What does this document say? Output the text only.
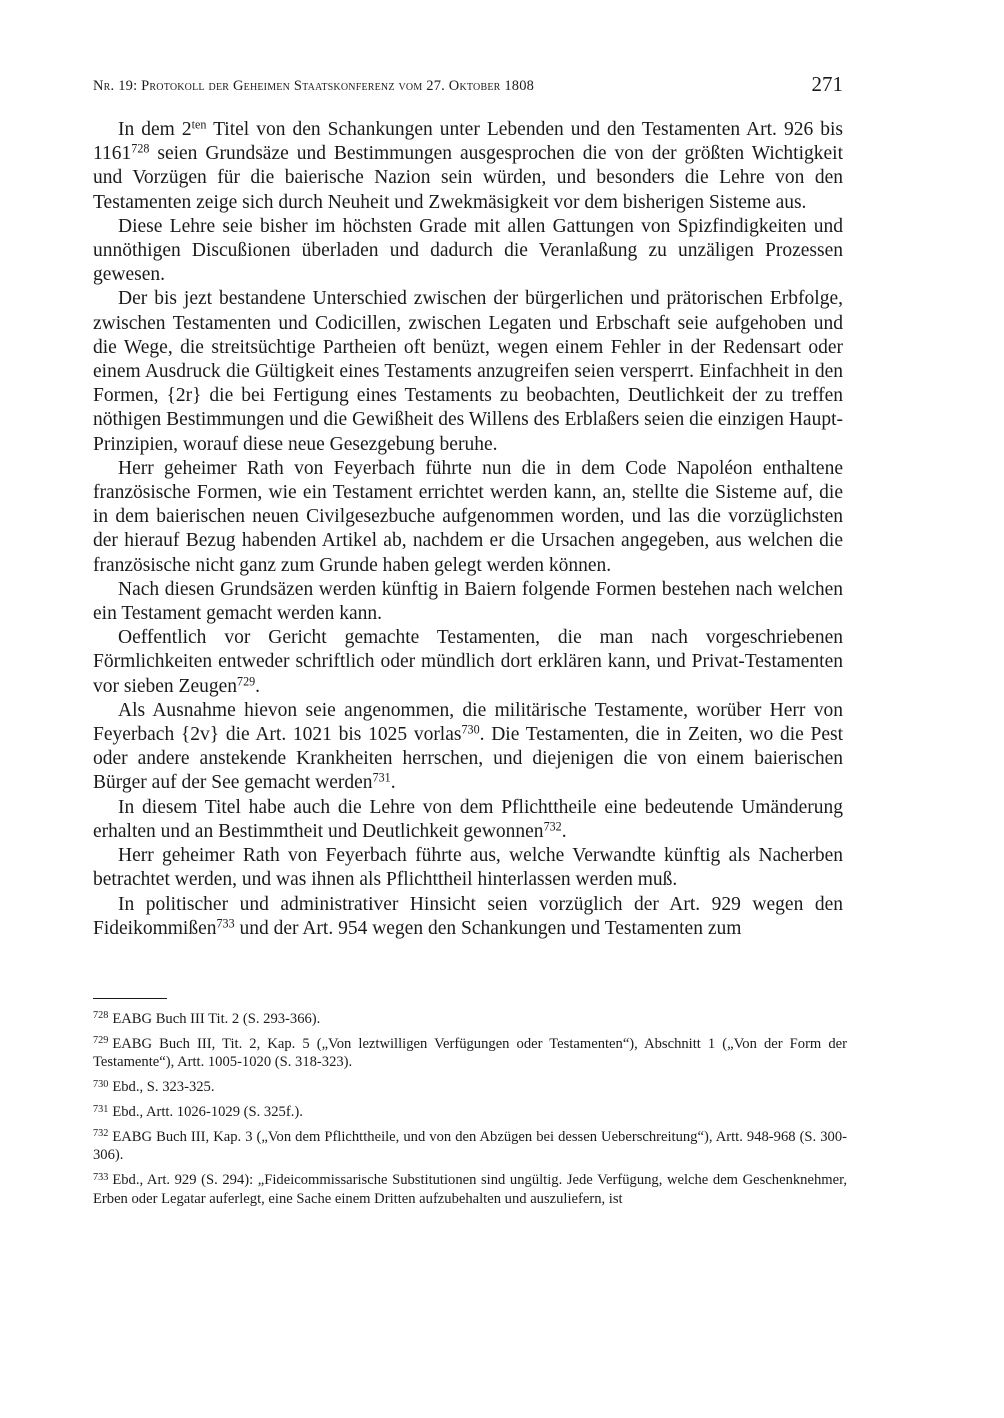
Nr. 19: Protokoll der Geheimen Staatskonferenz vom 27. Oktober 1808	271

In dem $2^{ten}$ Titel von den Schankungen unter Lebenden und den Testamenten Art. 926 bis 1161$^{728}$ seien Grundsäze und Bestimmungen ausgesprochen die von der größten Wichtigkeit und Vorzügen für die baierische Nazion sein würden, und besonders die Lehre von den Testamenten zeige sich durch Neuheit und Zwekmäsigkeit vor dem bisherigen Sisteme aus.

Diese Lehre seie bisher im höchsten Grade mit allen Gattungen von Spizfindigkeiten und unnöthigen Discußionen überladen und dadurch die Veranlaßung zu unzäligen Prozessen gewesen.

Der bis jezt bestandene Unterschied zwischen der bürgerlichen und prätorischen Erbfolge, zwischen Testamenten und Codicillen, zwischen Legaten und Erbschaft seie aufgehoben und die Wege, die streitsüchtige Partheien oft benüzt, wegen einem Fehler in der Redensart oder einem Ausdruck die Gültigkeit eines Testaments anzugreifen seien versperrt. Einfachheit in den Formen, {2r} die bei Fertigung eines Testaments zu beobachten, Deutlichkeit der zu treffen nöthigen Bestimmungen und die Gewißheit des Willens des Erblaßers seien die einzigen Haupt-Prinzipien, worauf diese neue Gesezgebung beruhe.

Herr geheimer Rath von Feyerbach führte nun die in dem Code Napoléon enthaltene französische Formen, wie ein Testament errichtet werden kann, an, stellte die Sisteme auf, die in dem baierischen neuen Civilgesezbuche aufgenommen worden, und las die vorzüglichsten der hierauf Bezug habenden Artikel ab, nachdem er die Ursachen angegeben, aus welchen die französische nicht ganz zum Grunde haben gelegt werden können.

Nach diesen Grundsäzen werden künftig in Baiern folgende Formen bestehen nach welchen ein Testament gemacht werden kann.

Oeffentlich vor Gericht gemachte Testamenten, die man nach vorgeschriebenen Förmlichkeiten entweder schriftlich oder mündlich dort erklären kann, und Privat-Testamenten vor sieben Zeugen$^{729}$.

Als Ausnahme hievon seie angenommen, die militärische Testamente, worüber Herr von Feyerbach {2v} die Art. 1021 bis 1025 vorlas$^{730}$. Die Testamenten, die in Zeiten, wo die Pest oder andere anstekende Krankheiten herrschen, und diejenigen die von einem baierischen Bürger auf der See gemacht werden$^{731}$.

In diesem Titel habe auch die Lehre von dem Pflichttheile eine bedeutende Umänderung erhalten und an Bestimmtheit und Deutlichkeit gewonnen$^{732}$.

Herr geheimer Rath von Feyerbach führte aus, welche Verwandte künftig als Nacherben betrachtet werden, und was ihnen als Pflichttheil hinterlassen werden muß.

In politischer und administrativer Hinsicht seien vorzüglich der Art. 929 wegen den Fideikommißen$^{733}$ und der Art. 954 wegen den Schankungen und Testamenten zum

$^{728}$ EABG Buch III Tit. 2 (S. 293-366).

$^{729}$ EABG Buch III, Tit. 2, Kap. 5 („Von leztwilligen Verfügungen oder Testamenten“), Abschnitt 1 („Von der Form der Testamente“), Artt. 1005-1020 (S. 318-323).

$^{730}$ Ebd., S. 323-325.

$^{731}$ Ebd., Artt. 1026-1029 (S. 325f.).

$^{732}$ EABG Buch III, Kap. 3 („Von dem Pflichttheile, und von den Abzügen bei dessen Ueberschreitung“), Artt. 948-968 (S. 300-306).

$^{733}$ Ebd., Art. 929 (S. 294): „Fideicommissarische Substitutionen sind ungültig. Jede Verfügung, welche dem Geschenknehmer, Erben oder Legatar auferlegt, eine Sache einem Dritten aufzubehalten und auszuliefern, ist
